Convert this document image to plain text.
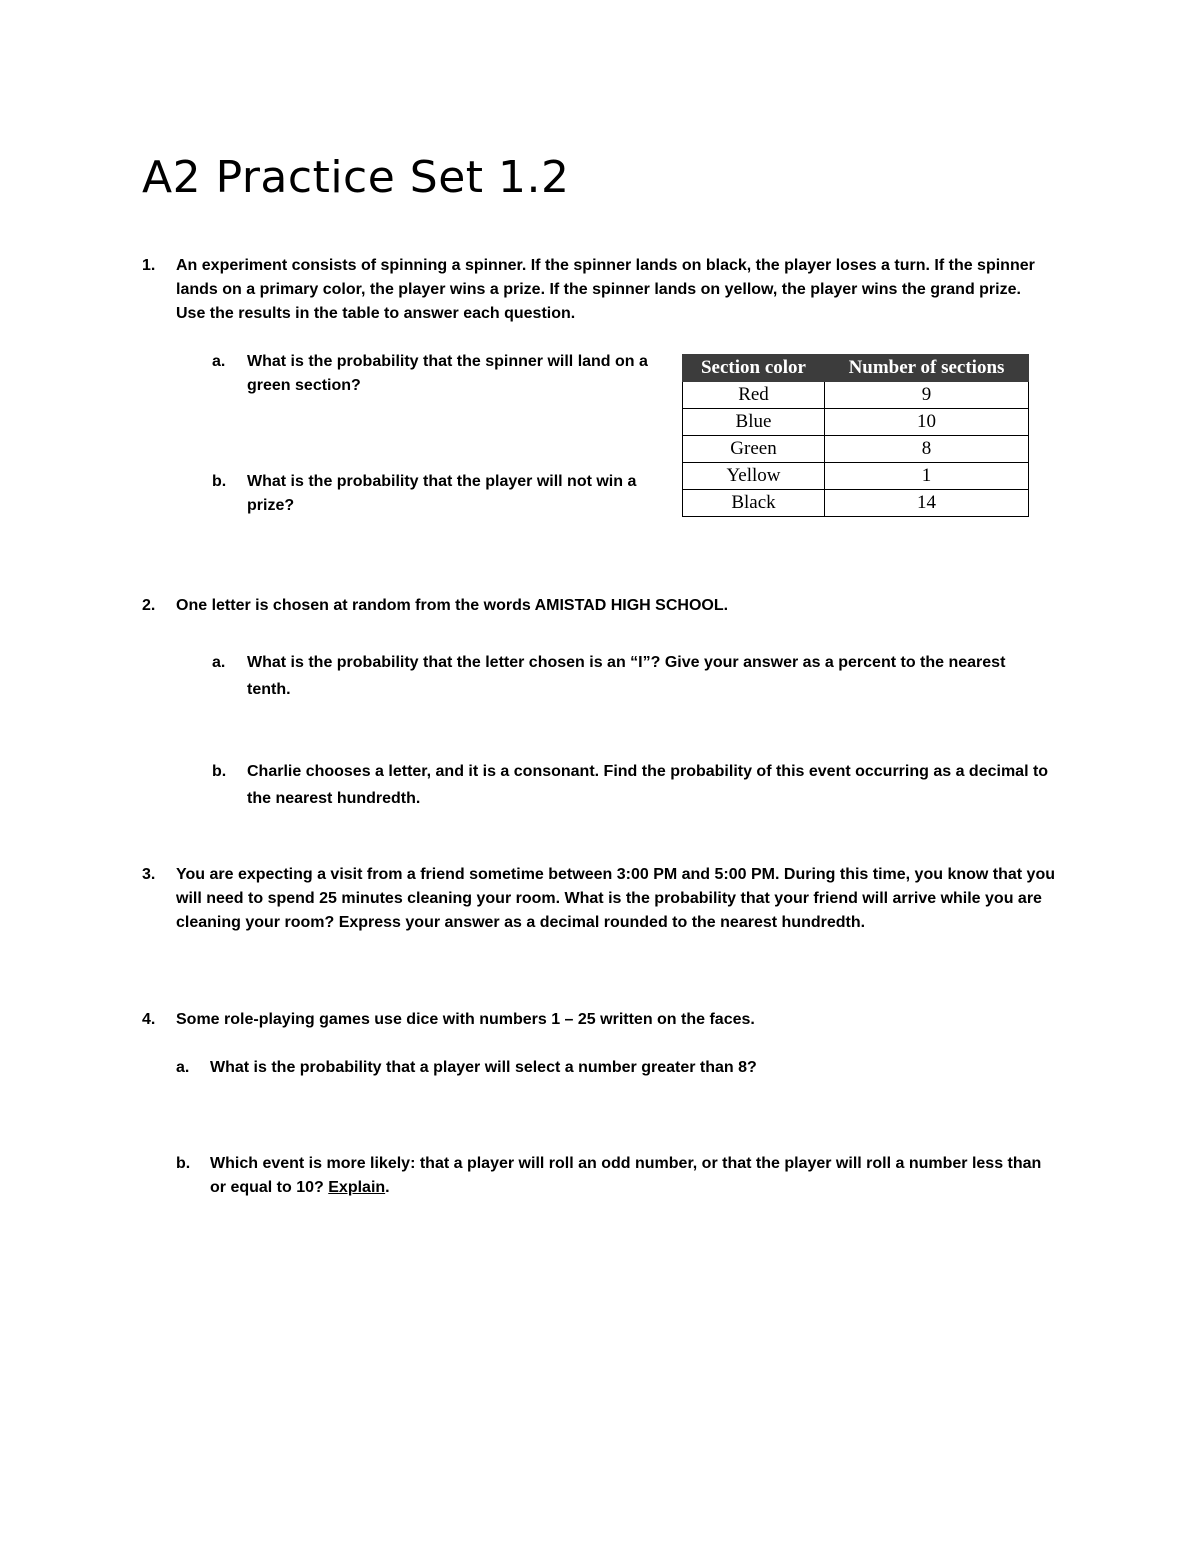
A2 Practice Set 1.2
1. An experiment consists of spinning a spinner. If the spinner lands on black, the player loses a turn. If the spinner lands on a primary color, the player wins a prize. If the spinner lands on yellow, the player wins the grand prize. Use the results in the table to answer each question.
a. What is the probability that the spinner will land on a green section?
b. What is the probability that the player will not win a prize?
Section color	Number of sections
Red	9
Blue	10
Green	8
Yellow	1
Black	14
2. One letter is chosen at random from the words AMISTAD HIGH SCHOOL.
a. What is the probability that the letter chosen is an “I”? Give your answer as a percent to the nearest tenth.
b. Charlie chooses a letter, and it is a consonant. Find the probability of this event occurring as a decimal to the nearest hundredth.
3. You are expecting a visit from a friend sometime between 3:00 PM and 5:00 PM. During this time, you know that you will need to spend 25 minutes cleaning your room. What is the probability that your friend will arrive while you are cleaning your room? Express your answer as a decimal rounded to the nearest hundredth.
4. Some role-playing games use dice with numbers 1 – 25 written on the faces.
a. What is the probability that a player will select a number greater than 8?
b. Which event is more likely: that a player will roll an odd number, or that the player will roll a number less than or equal to 10? Explain.
